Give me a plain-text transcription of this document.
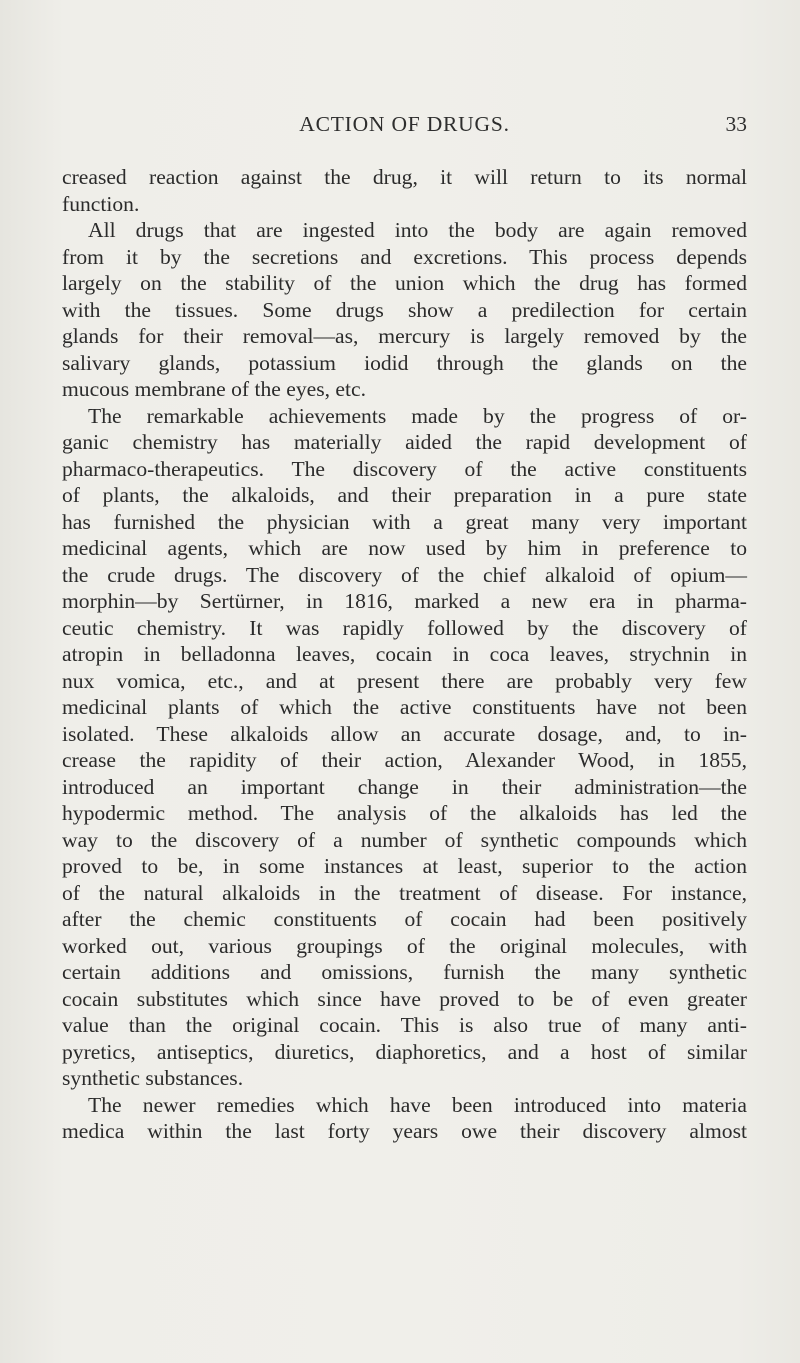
ACTION OF DRUGS.	33
creased reaction against the drug, it will return to its normal
function.
All drugs that are ingested into the body are again removed
from it by the secretions and excretions. This process depends
largely on the stability of the union which the drug has formed
with the tissues. Some drugs show a predilection for certain
glands for their removal—as, mercury is largely removed by the
salivary glands, potassium iodid through the glands on the
mucous membrane of the eyes, etc.
The remarkable achievements made by the progress of or-
ganic chemistry has materially aided the rapid development of
pharmaco-therapeutics. The discovery of the active constituents
of plants, the alkaloids, and their preparation in a pure state
has furnished the physician with a great many very important
medicinal agents, which are now used by him in preference to
the crude drugs. The discovery of the chief alkaloid of opium—
morphin—by Sertürner, in 1816, marked a new era in pharma-
ceutic chemistry. It was rapidly followed by the discovery of
atropin in belladonna leaves, cocain in coca leaves, strychnin in
nux vomica, etc., and at present there are probably very few
medicinal plants of which the active constituents have not been
isolated. These alkaloids allow an accurate dosage, and, to in-
crease the rapidity of their action, Alexander Wood, in 1855,
introduced an important change in their administration—the
hypodermic method. The analysis of the alkaloids has led the
way to the discovery of a number of synthetic compounds which
proved to be, in some instances at least, superior to the action
of the natural alkaloids in the treatment of disease. For instance,
after the chemic constituents of cocain had been positively
worked out, various groupings of the original molecules, with
certain additions and omissions, furnish the many synthetic
cocain substitutes which since have proved to be of even greater
value than the original cocain. This is also true of many anti-
pyretics, antiseptics, diuretics, diaphoretics, and a host of similar
synthetic substances.
The newer remedies which have been introduced into materia
medica within the last forty years owe their discovery almost
